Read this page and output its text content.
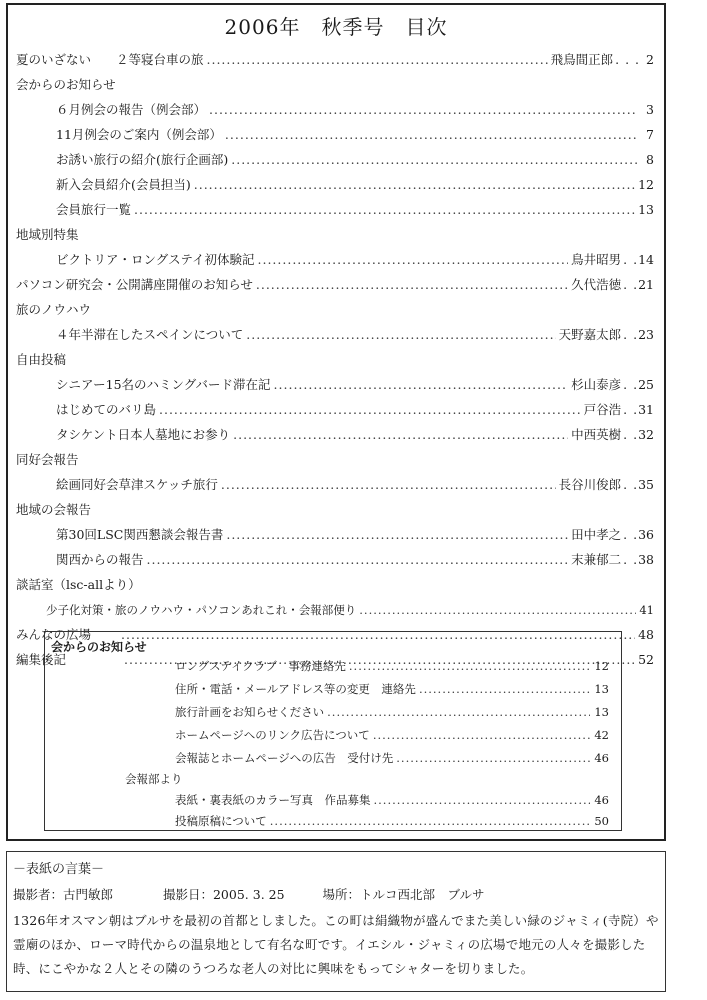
2006年　秋季号　目次
夏のいざない　　２等寝台車の旅 .....	飛鳥間正郎 . . . 2
会からのお知らせ
６月例会の報告（例会部） .....	3
11月例会のご案内（例会部） .....	7
お誘い旅行の紹介(旅行企画部) .....	8
新入会員紹介(会員担当) .....	12
会員旅行一覧 .....	13
地域別特集
ビクトリア・ロングステイ初体験記 .....	鳥井昭男 . . 14
パソコン研究会・公開講座開催のお知らせ .....	久代浩徳 . . 21
旅のノウハウ
４年半滞在したスペインについて .....	天野嘉太郎 . . 23
自由投稿
シニアー15名のハミングバード滞在記 .....	杉山泰彦 . . 25
はじめてのバリ島 .....	戸谷浩 . . 31
タシケント日本人墓地にお参り .....	中西英樹 . . 32
同好会報告
絵画同好会草津スケッチ旅行 .....	長谷川俊郎 . . 35
地域の会報告
第30回LSC関西懇談会報告書 .....	田中孝之 . . 36
関西からの報告 .....	末兼郁二 . . 38
談話室（lsc-allより）
少子化対策・旅のノウハウ・パソコンあれこれ・会報部便り .....	41
みんなの広場 .....	48
編集後記 .....	52
会からのお知らせ
ロングステイクラブ　事務連絡先 .....	12
住所・電話・メールアドレス等の変更　連絡先 .....	13
旅行計画をお知らせください .....	13
ホームページへのリンク広告について .....	42
会報誌とホームページへの広告　受付け先 .....	46
会報部より
表紙・裏表紙のカラー写真　作品募集 .....	46
投稿原稿について .....	50
－表紙の言葉－
撮影者：古門敏郎	撮影日：2005. 3. 25	場所：トルコ西北部　ブルサ
1326年オスマン朝はブルサを最初の首都としました。この町は絹織物が盛んでまた美しい緑のジャミィ(寺院）や霊廟のほか、ローマ時代からの温泉地として有名な町です。イエシル・ジャミィの広場で地元の人々を撮影した時、にこやかな２人とその隣のうつろな老人の対比に興味をもってシャターを切りました。
